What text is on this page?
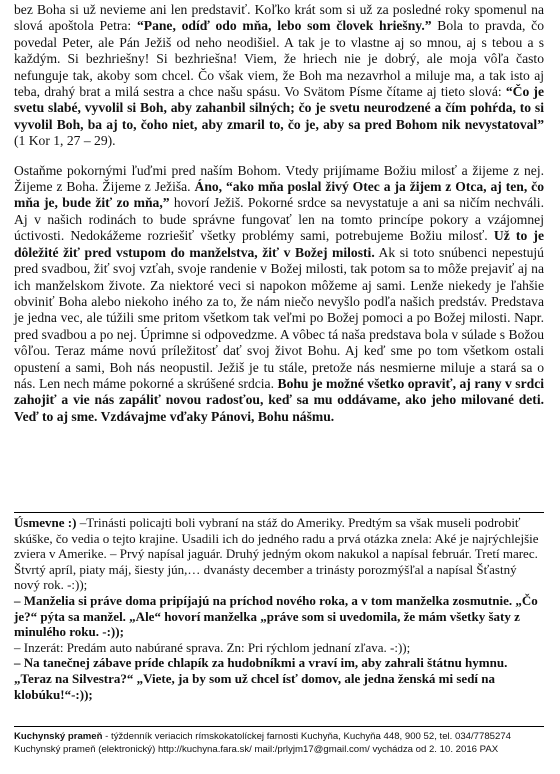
bez Boha si už nevieme ani len predstaviť. Koľko krát som si už za posledné roky spomenul na slová apoštola Petra: “Pane, odíď odo mňa, lebo som človek hriešny.” Bola to pravda, čo povedal Peter, ale Pán Ježiš od neho neodišiel. A tak je to vlastne aj so mnou, aj s tebou a s každým. Si bezhriešny! Si bezhriešna! Viem, že hriech nie je dobrý, ale moja vôľa často nefunguje tak, akoby som chcel. Čo však viem, že Boh ma nezavrhol a miluje ma, a tak isto aj teba, drahý brat a milá sestra a chce našu spásu. Vo Svätom Písme čítame aj tieto slová: “Čo je svetu slabé, vyvolil si Boh, aby zahanbil silných; čo je svetu neurodzené a čím pohŕda, to si vyvolil Boh, ba aj to, čoho niet, aby zmaril to, čo je, aby sa pred Bohom nik nevystatoval” (1 Kor 1, 27 – 29).

Ostaňme pokornými ľuďmi pred naším Bohom. Vtedy prijímame Božiu milosť a žijeme z nej. Žijeme z Boha. Žijeme z Ježiša. Áno, “ako mňa poslal živý Otec a ja žijem z Otca, aj ten, čo mňa je, bude žiť zo mňa,” hovorí Ježiš. Pokorné srdce sa nevystatuje a ani sa ničím nechváli. Aj v našich rodinách to bude správne fungovať len na tomto princípe pokory a vzájomnej úctivosti. Nedokážeme rozriešiť všetky problémy sami, potrebujeme Božiu milosť. Už to je dôležité žiť pred vstupom do manželstva, žiť v Božej milosti. Ak si toto snúbenci nepestujú pred svadbou, žiť svoj vzťah, svoje randenie v Božej milosti, tak potom sa to môže prejaviť aj na ich manželskom živote. Za niektoré veci si napokon môžeme aj sami. Lenže niekedy je ľahšie obviniť Boha alebo niekoho iného za to, že nám niečo nevyšlo podľa našich predstáv. Predstava je jedna vec, ale túžili sme pritom všetkom tak veľmi po Božej pomoci a po Božej milosti. Napr. pred svadbou a po nej. Úprimne si odpovedzme. A vôbec tá naša predstava bola v súlade s Božou vôľou. Teraz máme novú príležitosť dať svoj život Bohu. Aj keď sme po tom všetkom ostali opustení a sami, Boh nás neopustil. Ježiš je tu stále, pretože nás nesmierne miluje a stará sa o nás. Len nech máme pokorné a skrúšené srdcia. Bohu je možné všetko opraviť, aj rany v srdci zahojiť a vie nás zapáliť novou radosťou, keď sa mu oddávame, ako jeho milované deti. Veď to aj sme. Vzdávajme vďaky Pánovi, Bohu nášmu.

Úsmevne :) –Trinásti policajti boli vybraní na stáž do Ameriky. Predtým sa však museli podrobiť skúške, čo vedia o tejto krajine. Usadili ich do jedného radu a prvá otázka znela: Aké je najrýchlejšie zviera v Amerike. – Prvý napísal jaguár. Druhý jedným okom nakukol a napísal február. Tretí marec. Štvrtý apríl, piaty máj, šiesty jún,… dvanásty december a trinásty porozmýšľal a napísal Šťastný nový rok. -:));

– Manželia si práve doma pripíjajú na príchod nového roka, a v tom manželka zosmutnie. „Čo je?“ pýta sa manžel. „Ale“ hovorí manželka „práve som si uvedomila, že mám všetky šaty z minulého roku. -:));

– Inzerát: Predám auto nabúrané sprava. Zn: Pri rýchlom jednaní zľava. -:));

– Na tanečnej zábave príde chlapík za hudobníkmi a vraví im, aby zahrali štátnu hymnu. „Teraz na Silvestra?“ „Viete, ja by som už chcel ísť domov, ale jedna ženská mi sedí na klobúku!“-:));

Kuchynský prameň - týždenník veriacich rímskokatolíckej farnosti Kuchyňa, Kuchyňa 448, 900 52, tel. 034/7785274
Kuchynský prameň (elektronický) http://kuchyna.fara.sk/ mail:/prlyjm17@gmail.com/ vychádza od 2. 10. 2016 PAX
